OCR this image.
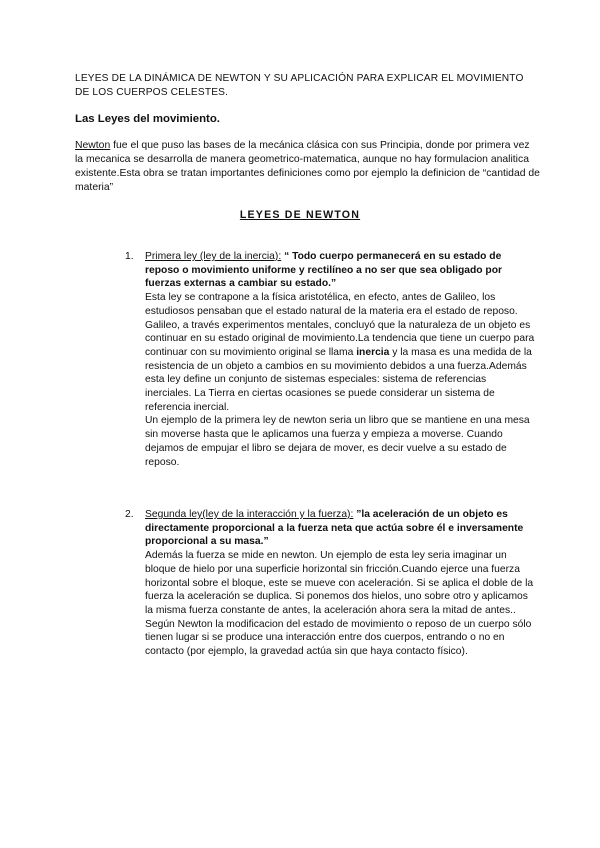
LEYES DE LA DINÁMICA DE NEWTON Y SU APLICACIÓN PARA EXPLICAR EL MOVIMIENTO DE LOS CUERPOS CELESTES.
Las Leyes del movimiento.

Newton fue el que puso las bases de la mecánica clásica con sus Principia, donde por primera vez la mecanica se desarrolla de manera geometrico-matematica, aunque no hay formulacion analitica existente.Esta obra se tratan importantes definiciones como por ejemplo la definicion de “cantidad de materia”

LEYES DE NEWTON
1. Primera ley (ley de la inercia): “ Todo cuerpo permanecerá en su estado de reposo o movimiento uniforme y rectilíneo a no ser que sea obligado por fuerzas externas a cambiar su estado.”

Esta ley se contrapone a la física aristotélica, en efecto, antes de Galileo, los estudiosos pensaban que el estado natural de la materia era el estado de reposo. Galileo, a través experimentos mentales, concluyó que la naturaleza de un objeto es continuar en su estado original de movimiento.La tendencia que tiene un cuerpo para continuar con su movimiento original se llama inercia y la masa es una medida de la resistencia de un objeto a cambios en su movimiento debidos a una fuerza.Además esta ley define un conjunto de sistemas especiales: sistema de referencias inerciales. La Tierra en ciertas ocasiones se puede considerar un sistema de referencia inercial.

Un ejemplo de la primera ley de newton seria un libro que se mantiene en una mesa sin moverse hasta que le aplicamos una fuerza y empieza a moverse. Cuando dejamos de empujar el libro se dejara de mover, es decir vuelve a su estado de reposo.

2. Segunda ley(ley de la interacción y la fuerza): ”la aceleración de un objeto es directamente proporcional a la fuerza neta que actúa sobre él e inversamente proporcional a su masa.”

Además la fuerza se mide en newton. Un ejemplo de esta ley seria imaginar un bloque de hielo por una superficie horizontal sin fricción.Cuando ejerce una fuerza horizontal sobre el bloque, este se mueve con aceleración. Si se aplica el doble de la fuerza la aceleración se duplica. Si ponemos dos hielos, uno sobre otro y aplicamos la misma fuerza constante de antes, la aceleración ahora sera la mitad de antes.. Según Newton la modificacion del estado de movimiento o reposo de un cuerpo sólo tienen lugar si se produce una interacción entre dos cuerpos, entrando o no en contacto (por ejemplo, la gravedad actúa sin que haya contacto físico).
